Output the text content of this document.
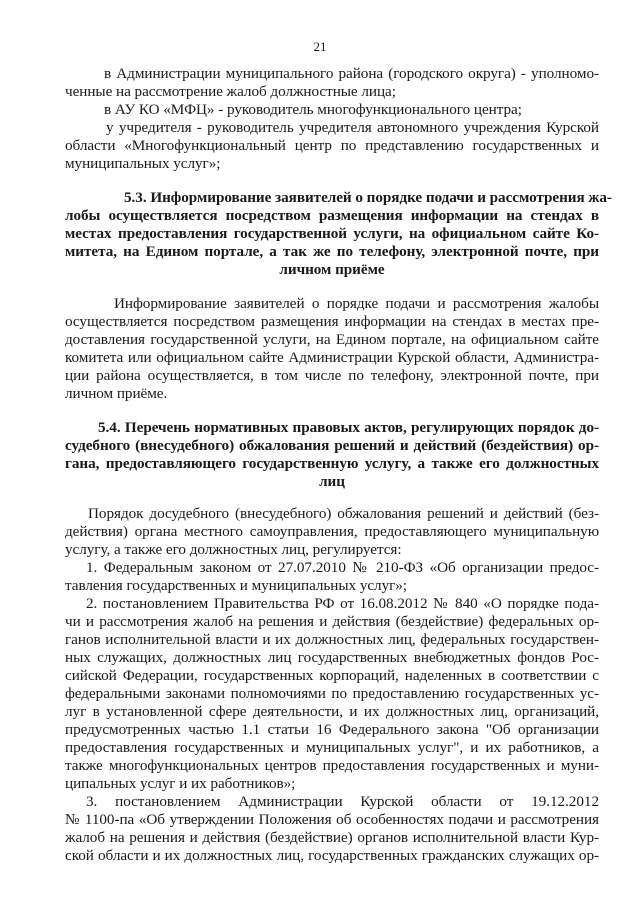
21
в Администрации муниципального района (городского округа) - уполномо-
ченные на рассмотрение жалоб должностные лица;
в АУ КО «МФЦ» - руководитель многофункционального центра;
у учредителя - руководитель учредителя автономного учреждения Курской
области «Многофункциональный центр по представлению государственных и
муниципальных услуг»;
5.3. Информирование заявителей о порядке подачи и рассмотрения жа-
лобы осуществляется посредством размещения информации на стендах в
местах предоставления государственной услуги, на официальном сайте Ко-
митета, на Едином портале, а так же по телефону, электронной почте, при
личном приёме
Информирование заявителей о порядке подачи и рассмотрения жалобы
осуществляется посредством размещения информации на стендах в местах пре-
доставления государственной услуги, на Едином портале, на официальном сайте
комитета или официальном сайте Администрации Курской области, Администра-
ции района осуществляется, в том числе по телефону, электронной почте, при
личном приёме.
5.4. Перечень нормативных правовых актов, регулирующих порядок до-
судебного (внесудебного) обжалования решений и действий (бездействия) ор-
гана, предоставляющего государственную услугу, а также его должностных
лиц
Порядок досудебного (внесудебного) обжалования решений и действий (без-
действия) органа местного самоуправления, предоставляющего муниципальную
услугу, а также его должностных лиц, регулируется:
1. Федеральным законом от 27.07.2010 № 210-ФЗ «Об организации предос-
тавления государственных и муниципальных услуг»;
2. постановлением Правительства РФ от 16.08.2012 № 840 «О порядке пода-
чи и рассмотрения жалоб на решения и действия (бездействие) федеральных ор-
ганов исполнительной власти и их должностных лиц, федеральных государствен-
ных служащих, должностных лиц государственных внебюджетных фондов Рос-
сийской Федерации, государственных корпораций, наделенных в соответствии с
федеральными законами полномочиями по предоставлению государственных ус-
луг в установленной сфере деятельности, и их должностных лиц, организаций,
предусмотренных частью 1.1 статьи 16 Федерального закона "Об организации
предоставления государственных и муниципальных услуг", и их работников, а
также многофункциональных центров предоставления государственных и муни-
ципальных услуг и их работников»;
3. постановлением Администрации Курской области от 19.12.2012
№ 1100-па «Об утверждении Положения об особенностях подачи и рассмотрения
жалоб на решения и действия (бездействие) органов исполнительной власти Кур-
ской области и их должностных лиц, государственных гражданских служащих ор-
